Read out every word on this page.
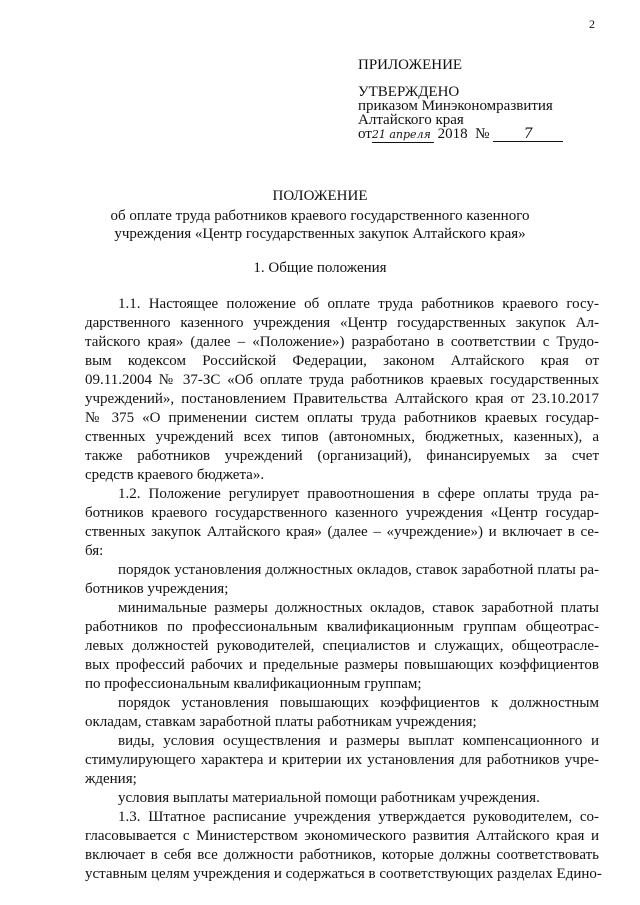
2
ПРИЛОЖЕНИЕ
УТВЕРЖДЕНО
приказом Минэкономразвития
Алтайского края
от21 апреля 2018 № 7
ПОЛОЖЕНИЕ
об оплате труда работников краевого государственного казенного
учреждения «Центр государственных закупок Алтайского края»
1. Общие положения
1.1. Настоящее положение об оплате труда работников краевого госу-
дарственного казенного учреждения «Центр государственных закупок Ал-
тайского края» (далее – «Положение») разработано в соответствии с Трудо-
вым кодексом Российской Федерации, законом Алтайского края от
09.11.2004 № 37-ЗС «Об оплате труда работников краевых государственных
учреждений», постановлением Правительства Алтайского края от 23.10.2017
№ 375 «О применении систем оплаты труда работников краевых государ-
ственных учреждений всех типов (автономных, бюджетных, казенных), а
также работников учреждений (организаций), финансируемых за счет
средств краевого бюджета».
1.2. Положение регулирует правоотношения в сфере оплаты труда ра-
ботников краевого государственного казенного учреждения «Центр государ-
ственных закупок Алтайского края» (далее – «учреждение») и включает в се-
бя:
порядок установления должностных окладов, ставок заработной платы ра-
ботников учреждения;
минимальные размеры должностных окладов, ставок заработной платы
работников по профессиональным квалификационным группам общеотрас-
левых должностей руководителей, специалистов и служащих, общеотрасле-
вых профессий рабочих и предельные размеры повышающих коэффициентов
по профессиональным квалификационным группам;
порядок установления повышающих коэффициентов к должностным
окладам, ставкам заработной платы работникам учреждения;
виды, условия осуществления и размеры выплат компенсационного и
стимулирующего характера и критерии их установления для работников учре-
ждения;
условия выплаты материальной помощи работникам учреждения.
1.3. Штатное расписание учреждения утверждается руководителем, со-
гласовывается с Министерством экономического развития Алтайского края и
включает в себя все должности работников, которые должны соответствовать
уставным целям учреждения и содержаться в соответствующих разделах Едино-
